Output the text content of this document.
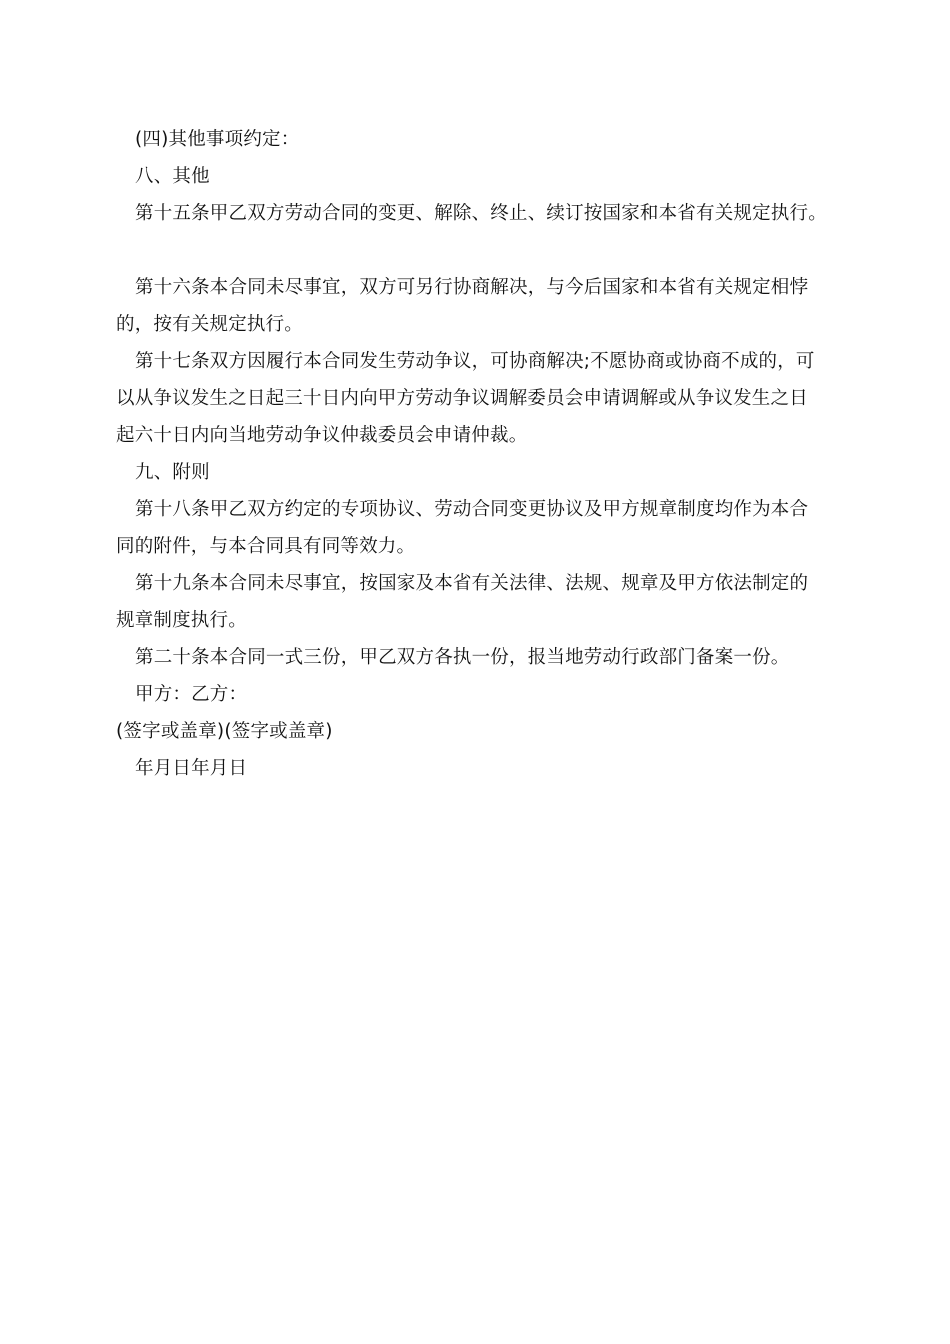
(四)其他事项约定：
八、其他
第十五条甲乙双方劳动合同的变更、解除、终止、续订按国家和本省有关规定执行。
第十六条本合同未尽事宜，双方可另行协商解决，与今后国家和本省有关规定相悖
的，按有关规定执行。
第十七条双方因履行本合同发生劳动争议，可协商解决;不愿协商或协商不成的，可
以从争议发生之日起三十日内向甲方劳动争议调解委员会申请调解或从争议发生之日
起六十日内向当地劳动争议仲裁委员会申请仲裁。
九、附则
第十八条甲乙双方约定的专项协议、劳动合同变更协议及甲方规章制度均作为本合
同的附件，与本合同具有同等效力。
第十九条本合同未尽事宜，按国家及本省有关法律、法规、规章及甲方依法制定的
规章制度执行。
第二十条本合同一式三份，甲乙双方各执一份，报当地劳动行政部门备案一份。
甲方：乙方：
(签字或盖章)(签字或盖章)
年月日年月日
